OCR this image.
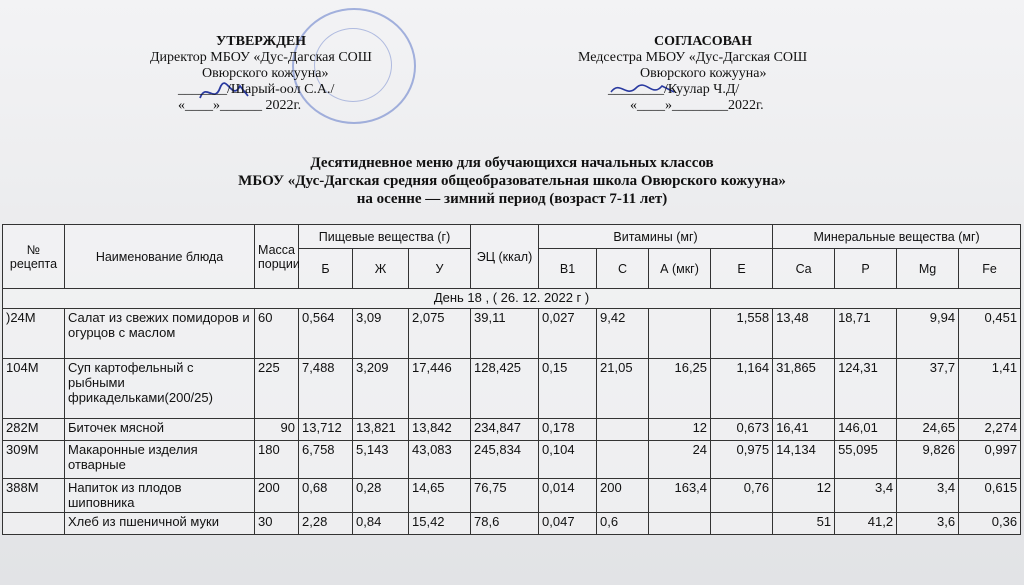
УТВЕРЖДЕН
Директор МБОУ «Дус-Дагская СОШ
Овюрского кожууна»
_______/Шарый-оол С.А./
«____»______ 2022г.
СОГЛАСОВАН
Медсестра МБОУ «Дус-Дагская СОШ
Овюрского кожууна»
________/Куулар Ч.Д/
«____»________2022г.
Десятидневное меню для обучающихся начальных классов
МБОУ «Дус-Дагская средняя общеобразовательная школа Овюрского кожууна»
на осенне — зимний период (возраст 7-11 лет)
№ рецепта	Наименование блюда	Масса порции	Пищевые вещества (г)			ЭЦ (ккал)	Витамины (мг)				Минеральные вещества (мг)			
			Б	Ж	У		В1	С	А (мкг)	Е	Ca	P	Mg	Fe
День 18 , ( 26. 12. 2022 г )														
)24М	Салат из свежих помидоров и огурцов с маслом	60	0,564	3,09	2,075	39,11	0,027	9,42		1,558	13,48	18,71	9,94	0,451
104М	Суп картофельный с рыбными фрикадельками(200/25)	225	7,488	3,209	17,446	128,425	0,15	21,05	16,25	1,164	31,865	124,31	37,7	1,41
282М	Биточек мясной	90	13,712	13,821	13,842	234,847	0,178		12	0,673	16,41	146,01	24,65	2,274
309М	Макаронные изделия отварные	180	6,758	5,143	43,083	245,834	0,104		24	0,975	14,134	55,095	9,826	0,997
388М	Напиток из плодов шиповника	200	0,68	0,28	14,65	76,75	0,014	200	163,4	0,76	12	3,4	3,4	0,615
	Хлеб из пшеничной муки	30	2,28	0,84	15,42	78,6	0,047	0,6			51	41,2	3,6	0,36
